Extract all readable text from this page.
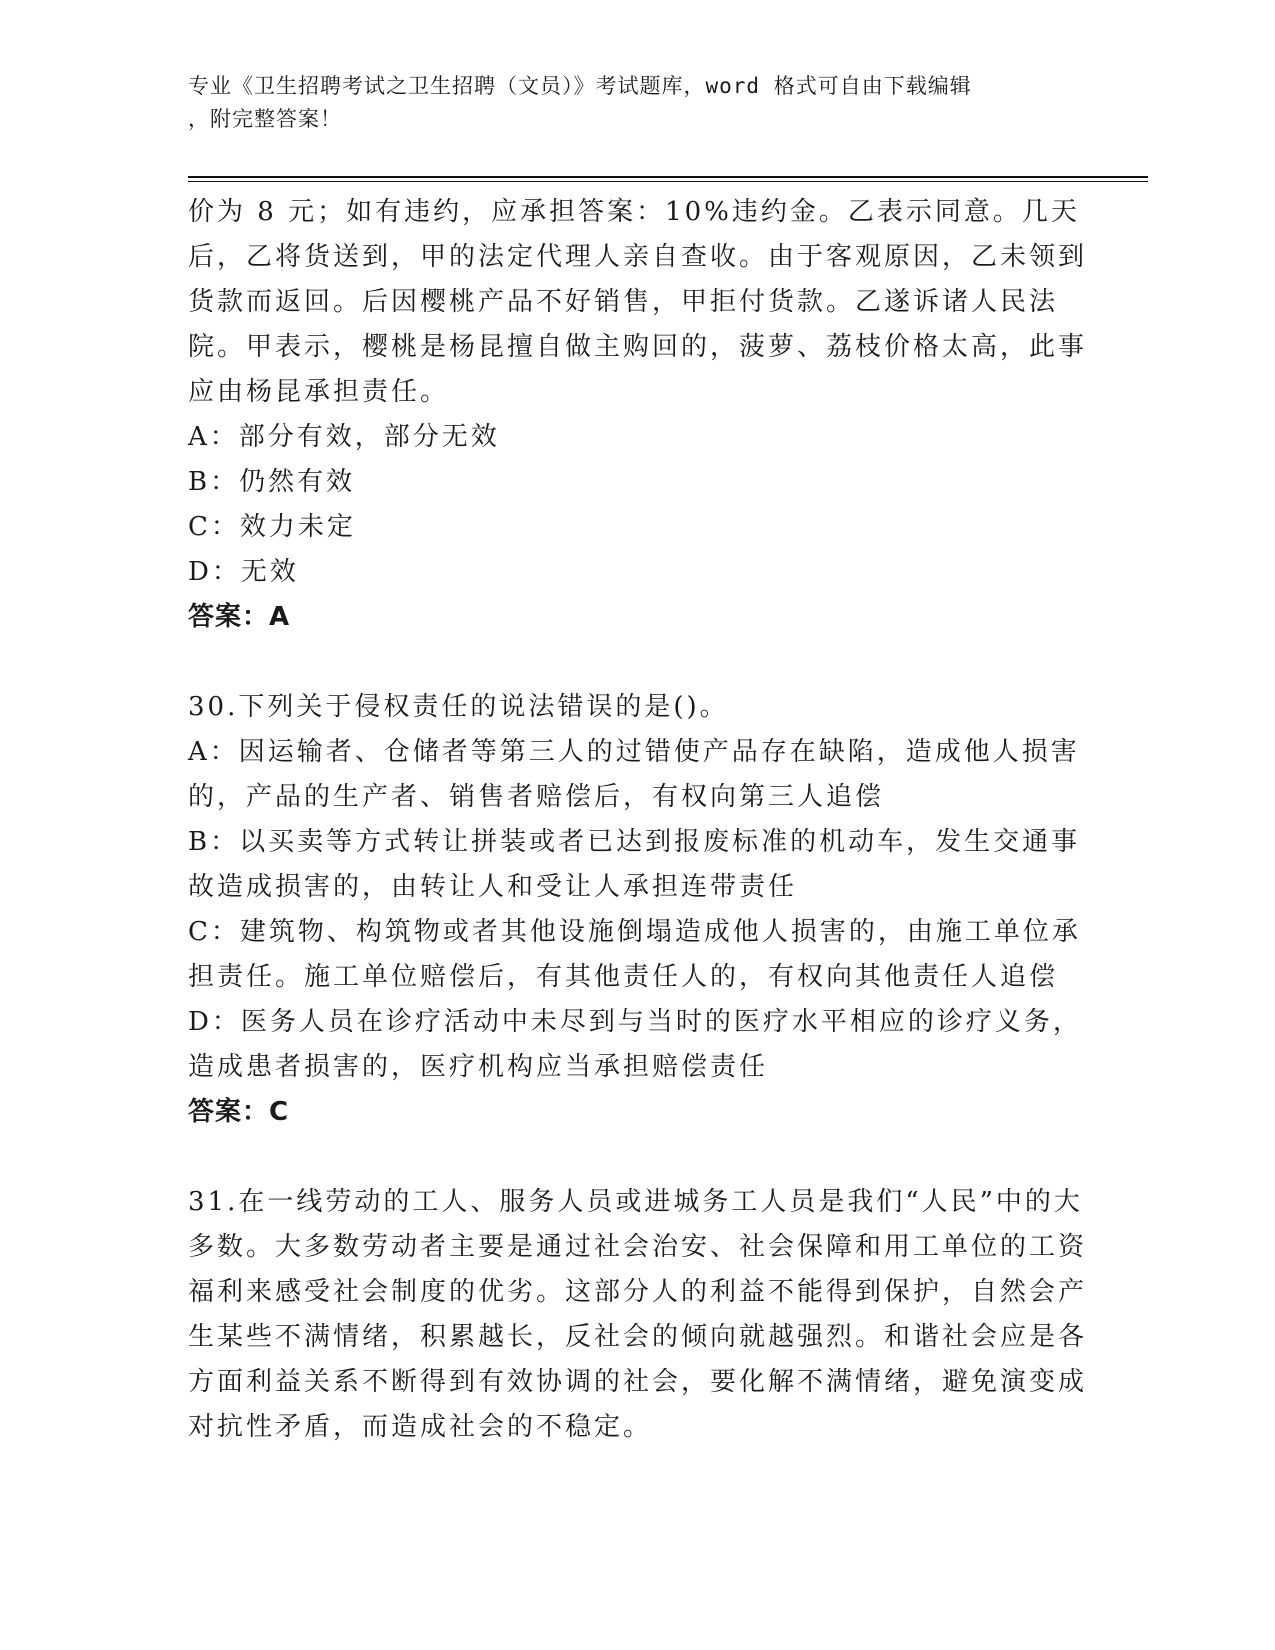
专业《卫生招聘考试之卫生招聘（文员）》考试题库，word 格式可自由下载编辑
，附完整答案！

价为 8 元；如有违约，应承担答案：10%违约金。乙表示同意。几天后，乙将货送到，甲的法定代理人亲自查收。由于客观原因，乙未领到货款而返回。后因樱桃产品不好销售，甲拒付货款。乙遂诉诸人民法院。甲表示，樱桃是杨昆擅自做主购回的，菠萝、荔枝价格太高，此事应由杨昆承担责任。

A：部分有效，部分无效

B：仍然有效

C：效力未定

D：无效

答案：A

30.下列关于侵权责任的说法错误的是()。

A：因运输者、仓储者等第三人的过错使产品存在缺陷，造成他人损害的，产品的生产者、销售者赔偿后，有权向第三人追偿

B：以买卖等方式转让拼装或者已达到报废标准的机动车，发生交通事故造成损害的，由转让人和受让人承担连带责任

C：建筑物、构筑物或者其他设施倒塌造成他人损害的，由施工单位承担责任。施工单位赔偿后，有其他责任人的，有权向其他责任人追偿

D：医务人员在诊疗活动中未尽到与当时的医疗水平相应的诊疗义务，造成患者损害的，医疗机构应当承担赔偿责任

答案：C

31.在一线劳动的工人、服务人员或进城务工人员是我们“人民”中的大多数。大多数劳动者主要是通过社会治安、社会保障和用工单位的工资福利来感受社会制度的优劣。这部分人的利益不能得到保护，自然会产生某些不满情绪，积累越长，反社会的倾向就越强烈。和谐社会应是各方面利益关系不断得到有效协调的社会，要化解不满情绪，避免演变成对抗性矛盾，而造成社会的不稳定。
